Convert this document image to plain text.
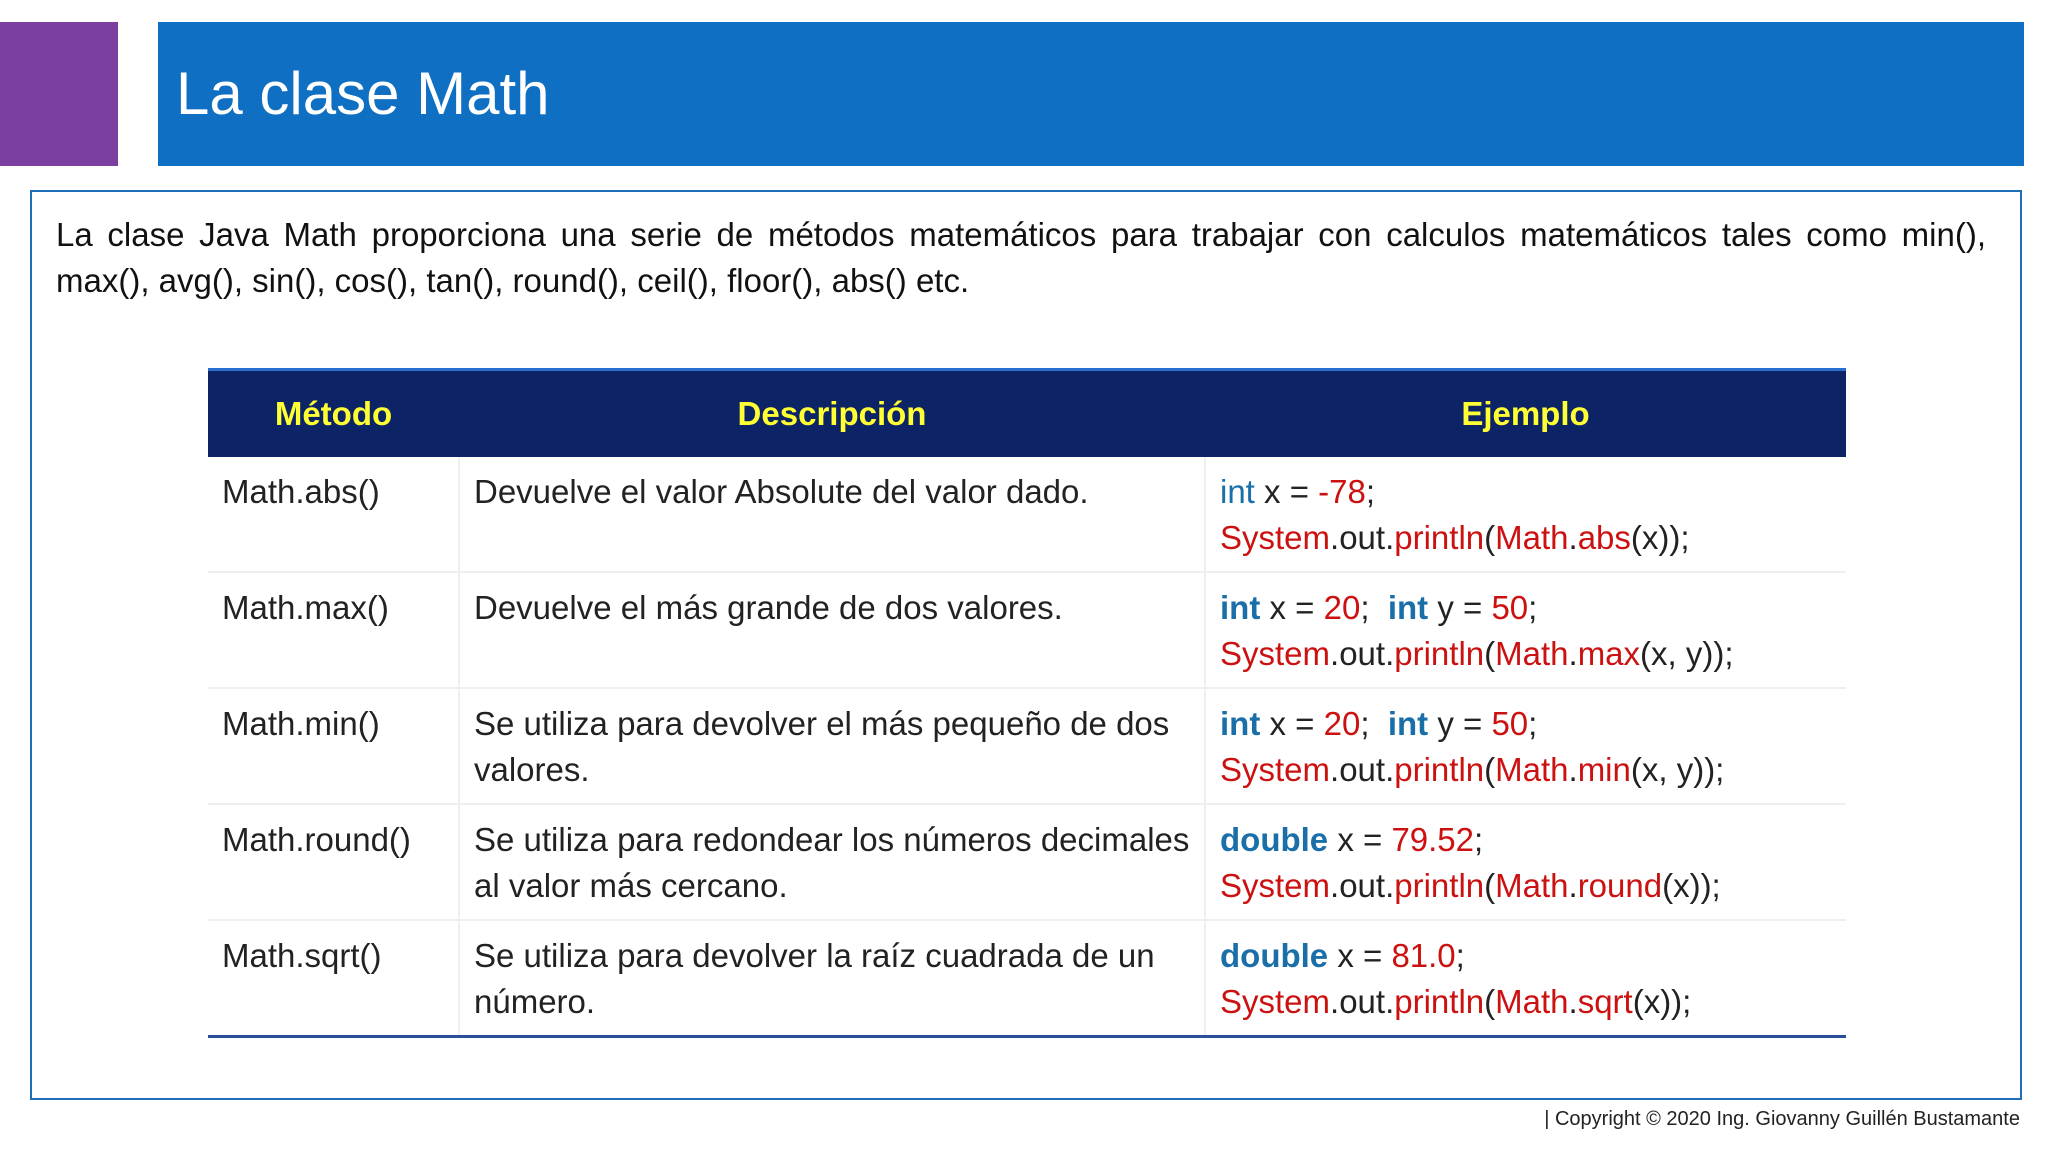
La clase Math
La clase Java Math proporciona una serie de métodos matemáticos para trabajar con calculos matemáticos tales como min(), max(), avg(), sin(), cos(), tan(), round(), ceil(), floor(), abs() etc.
Método	Descripción	Ejemplo
Math.abs()	Devuelve el valor Absolute del valor dado.	int x = -78;
System.out.println(Math.abs(x));

Math.max()	Devuelve el más grande de dos valores.	int x = 20;  int y = 50;
System.out.println(Math.max(x, y));

Math.min()	Se utiliza para devolver el más pequeño de dos valores.	int x = 20;  int y = 50;
System.out.println(Math.min(x, y));

Math.round()	Se utiliza para redondear los números decimales al valor más cercano.	double x = 79.52;
System.out.println(Math.round(x));

Math.sqrt()	Se utiliza para devolver la raíz cuadrada de un número.	double x = 81.0;
System.out.println(Math.sqrt(x));
| Copyright © 2020 Ing. Giovanny Guillén Bustamante
